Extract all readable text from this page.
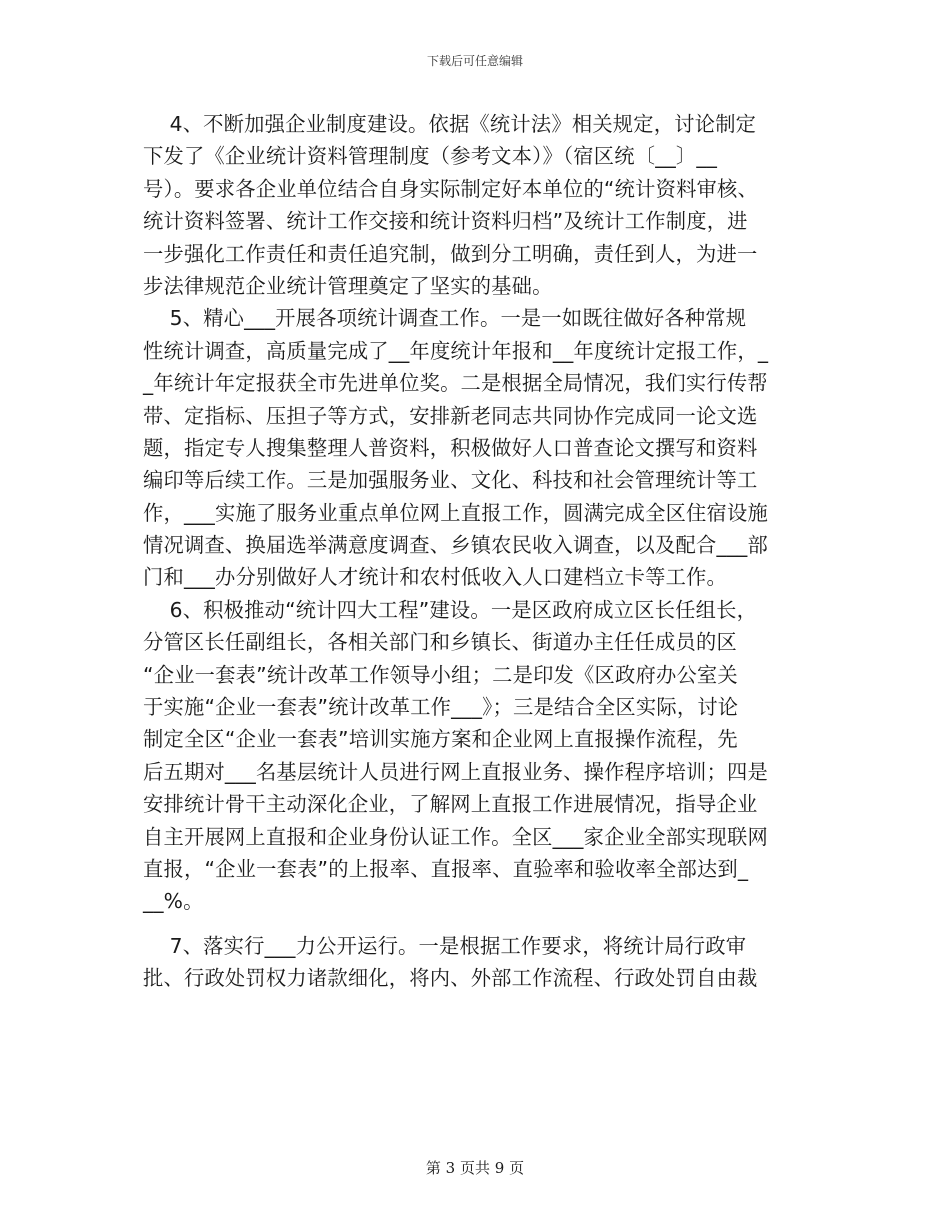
下载后可任意编辑
4、不断加强企业制度建设。依据《统计法》相关规定，讨论制定
下发了《企业统计资料管理制度（参考文本）》（宿区统〔__〕__
号）。要求各企业单位结合自身实际制定好本单位的“统计资料审核、
统计资料签署、统计工作交接和统计资料归档”及统计工作制度，进
一步强化工作责任和责任追究制，做到分工明确，责任到人，为进一
步法律规范企业统计管理奠定了坚实的基础。
5、精心___开展各项统计调查工作。一是一如既往做好各种常规
性统计调查，高质量完成了__年度统计年报和__年度统计定报工作，_
_年统计年定报获全市先进单位奖。二是根据全局情况，我们实行传帮
带、定指标、压担子等方式，安排新老同志共同协作完成同一论文选
题，指定专人搜集整理人普资料，积极做好人口普查论文撰写和资料
编印等后续工作。三是加强服务业、文化、科技和社会管理统计等工
作，___实施了服务业重点单位网上直报工作，圆满完成全区住宿设施
情况调查、换届选举满意度调查、乡镇农民收入调查，以及配合___部
门和___办分别做好人才统计和农村低收入人口建档立卡等工作。
6、积极推动“统计四大工程”建设。一是区政府成立区长任组长，
分管区长任副组长，各相关部门和乡镇长、街道办主任任成员的区
“企业一套表”统计改革工作领导小组；二是印发《区政府办公室关
于实施“企业一套表”统计改革工作___》；三是结合全区实际，讨论
制定全区“企业一套表”培训实施方案和企业网上直报操作流程，先
后五期对___名基层统计人员进行网上直报业务、操作程序培训；四是
安排统计骨干主动深化企业，了解网上直报工作进展情况，指导企业
自主开展网上直报和企业身份认证工作。全区___家企业全部实现联网
直报，“企业一套表”的上报率、直报率、直验率和验收率全部达到_
__%。
7、落实行___力公开运行。一是根据工作要求，将统计局行政审
批、行政处罚权力诸款细化，将内、外部工作流程、行政处罚自由裁
第 3 页共 9 页
